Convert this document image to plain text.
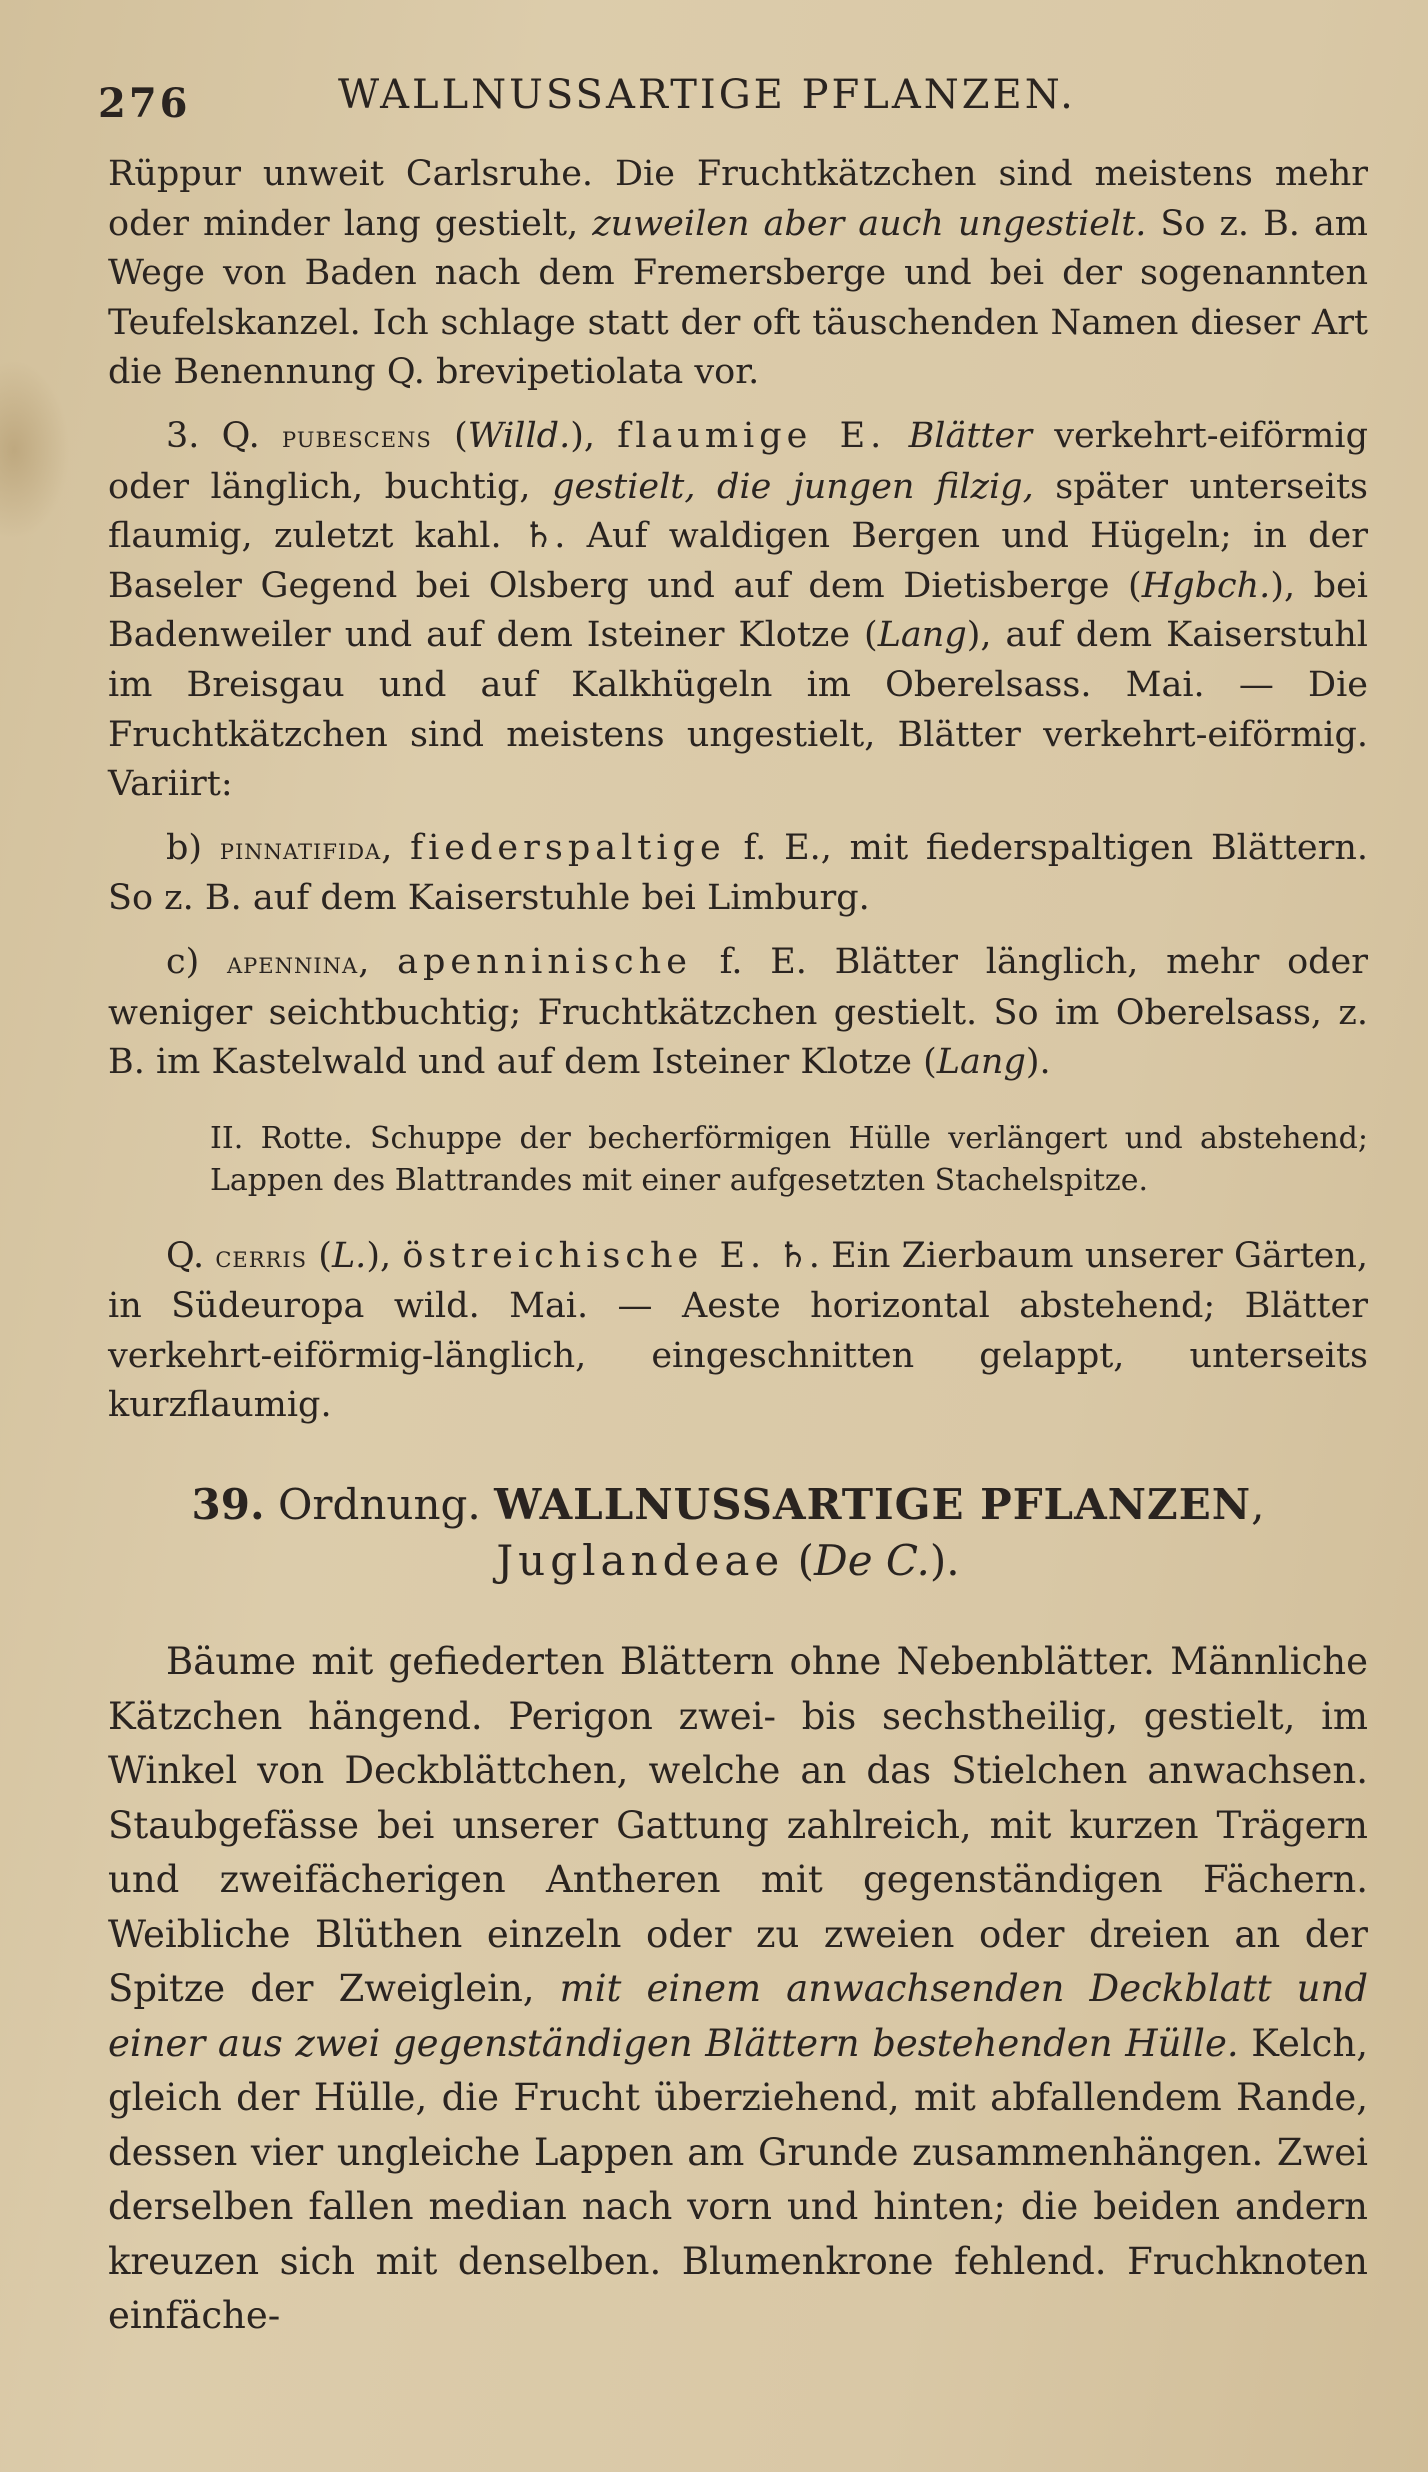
276	WALLNUSSARTIGE PFLANZEN.

Rüppur unweit Carlsruhe. Die Fruchtkätzchen sind meistens mehr oder minder lang gestielt, zuweilen aber auch ungestielt. So z. B. am Wege von Baden nach dem Fremersberge und bei der sogenannten Teufelskanzel. Ich schlage statt der oft täuschenden Namen dieser Art die Benennung Q. brevipetiolata vor.

3. Q. pubescens (Willd.), flaumige E. Blätter verkehrt-eiförmig oder länglich, buchtig, gestielt, die jungen filzig, später unterseits flaumig, zuletzt kahl. ♄. Auf waldigen Bergen und Hügeln; in der Baseler Gegend bei Olsberg und auf dem Dietisberge (Hgbch.), bei Badenweiler und auf dem Isteiner Klotze (Lang), auf dem Kaiserstuhl im Breisgau und auf Kalkhügeln im Oberelsass. Mai. — Die Fruchtkätzchen sind meistens ungestielt, Blätter verkehrt-eiförmig. Variirt:

b) pinnatifida, fiederspaltige f. E., mit fiederspaltigen Blättern. So z. B. auf dem Kaiserstuhle bei Limburg.

c) apennina, apenninische f. E. Blätter länglich, mehr oder weniger seichtbuchtig; Fruchtkätzchen gestielt. So im Oberelsass, z. B. im Kastelwald und auf dem Isteiner Klotze (Lang).

II. Rotte. Schuppe der becherförmigen Hülle verlängert und abstehend; Lappen des Blattrandes mit einer aufgesetzten Stachelspitze.

Q. cerris (L.), östreichische E. ♄. Ein Zierbaum unserer Gärten, in Südeuropa wild. Mai. — Aeste horizontal abstehend; Blätter verkehrt-eiförmig-länglich, eingeschnitten gelappt, unterseits kurzflaumig.

39. Ordnung. WALLNUSSARTIGE PFLANZEN, Juglandeae (De C.).

Bäume mit gefiederten Blättern ohne Nebenblätter. Männliche Kätzchen hängend. Perigon zwei- bis sechstheilig, gestielt, im Winkel von Deckblättchen, welche an das Stielchen anwachsen. Staubgefässe bei unserer Gattung zahlreich, mit kurzen Trägern und zweifächerigen Antheren mit gegenständigen Fächern. Weibliche Blüthen einzeln oder zu zweien oder dreien an der Spitze der Zweiglein, mit einem anwachsenden Deckblatt und einer aus zwei gegenständigen Blättern bestehenden Hülle. Kelch, gleich der Hülle, die Frucht überziehend, mit abfallendem Rande, dessen vier ungleiche Lappen am Grunde zusammenhängen. Zwei derselben fallen median nach vorn und hinten; die beiden andern kreuzen sich mit denselben. Blumenkrone fehlend. Fruchknoten einfäche-
